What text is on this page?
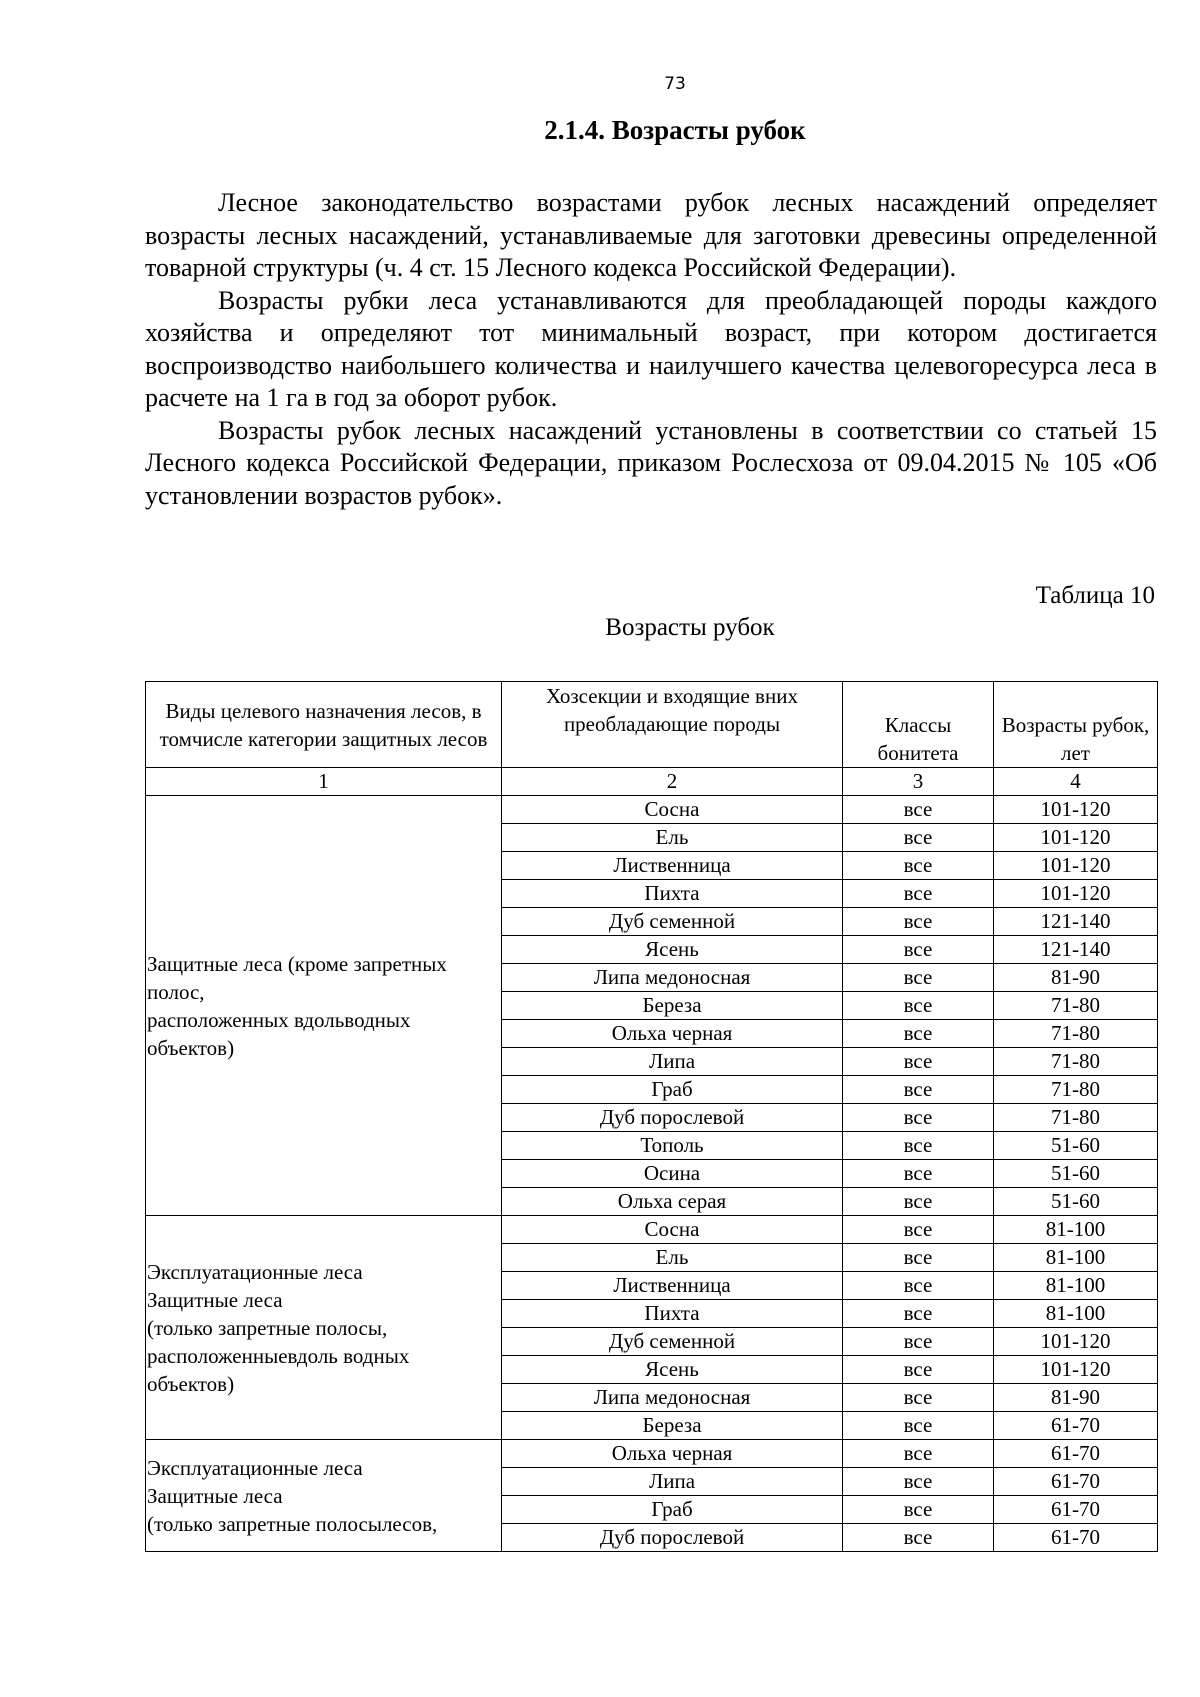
73
2.1.4. Возрасты рубок

Лесное законодательство возрастами рубок лесных насаждений определяет возрасты лесных насаждений, устанавливаемые для заготовки древесины определенной товарной структуры (ч. 4 ст. 15 Лесного кодекса Российской Федерации).

Возрасты рубки леса устанавливаются для преобладающей породы каждого хозяйства и определяют тот минимальный возраст, при котором достигается воспроизводство наибольшего количества и наилучшего качества целевогоресурса леса в расчете на 1 га в год за оборот рубок.

Возрасты рубок лесных насаждений установлены в соответствии со статьей 15 Лесного кодекса Российской Федерации, приказом Рослесхоза от 09.04.2015 № 105 «Об установлении возрастов рубок».

Таблица 10
Возрасты рубок
Виды целевого назначения лесов, в томчисле категории защитных лесов	Хозсекции и входящие вних преобладающие породы	Классы бонитета	Возрасты рубок, лет
1	2	3	4

Защитные леса (кроме запретных
полос,
расположенных вдольводных
объектов)	Сосна	все	101-120
	Ель	все	101-120
	Лиственница	все	101-120
	Пихта	все	101-120
	Дуб семенной	все	121-140
	Ясень	все	121-140
	Липа медоносная	все	81-90
	Береза	все	71-80
	Ольха черная	все	71-80
	Липа	все	71-80
	Граб	все	71-80
	Дуб порослевой	все	71-80
	Тополь	все	51-60
	Осина	все	51-60
	Ольха серая	все	51-60

Эксплуатационные леса
Защитные леса
(только запретные полосы,
расположенныевдоль водных
объектов)	Сосна	все	81-100
	Ель	все	81-100
	Лиственница	все	81-100
	Пихта	все	81-100
	Дуб семенной	все	101-120
	Ясень	все	101-120
	Липа медоносная	все	81-90
	Береза	все	61-70

Эксплуатационные леса
Защитные леса
(только запретные полосылесов,	Ольха черная	все	61-70
	Липа	все	61-70
	Граб	все	61-70
	Дуб порослевой	все	61-70
